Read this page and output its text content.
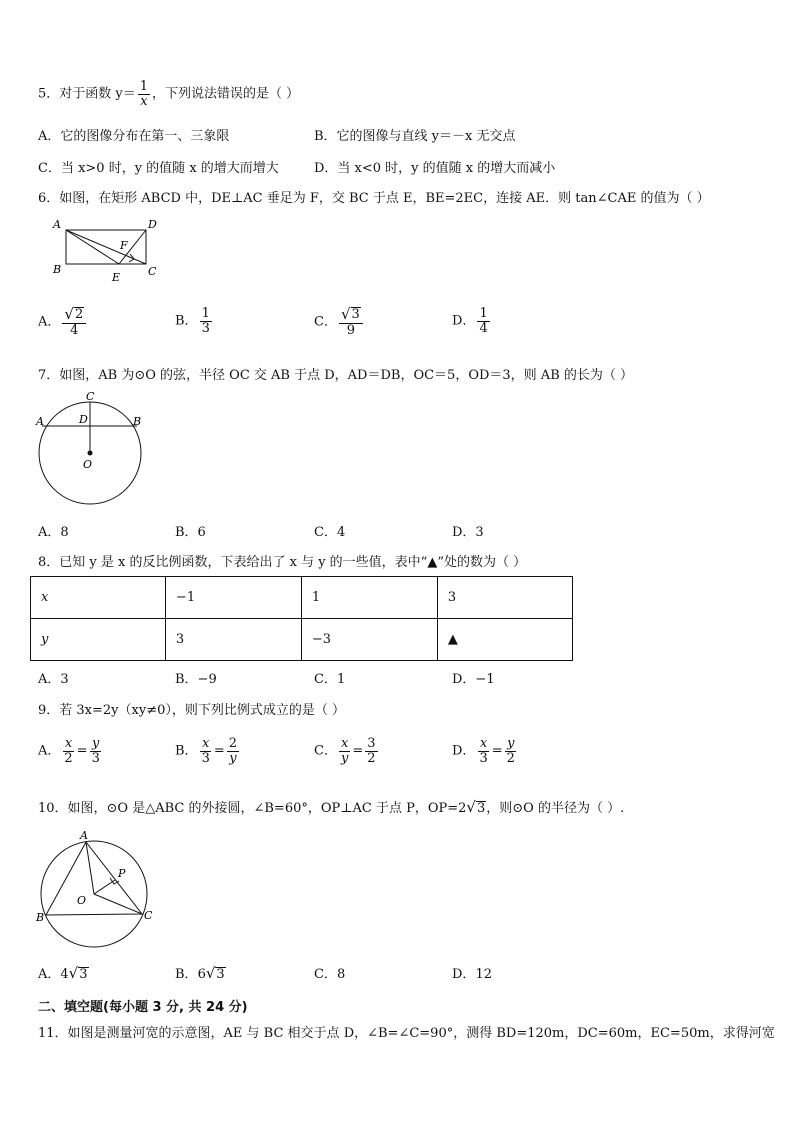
5．对于函数 $y= \frac{1}{x}$ ，下列说法错误的是（ ）
A．它的图像分布在第一、三象限	B．它的图像与直线 y＝－x 无交点
C．当 x>0 时，y 的值随 x 的增大而增大	D．当 x<0 时，y 的值随 x 的增大而减小
6．如图，在矩形 ABCD 中，DE⊥AC 垂足为 F，交 BC 于点 E，BE=2EC，连接 AE．则 tan∠CAE 的值为（ ）
A	D
F
B
E	C
A． $\frac{√ 2}{4}$	B． $\frac{1}{3}$	C． $\frac{√ 3}{9}$	D． $\frac{1}{4}$
7．如图，AB 为⊙O 的弦，半径 OC 交 AB 于点 D，AD＝DB，OC＝5，OD＝3，则 AB 的长为（ ）
C
A	D	B
O
A．8	B．6	C．4	D．3
8．已知 y 是 x 的反比例函数，下表给出了 x 与 y 的一些值，表中“▲”处的数为（ ）
x	−1	1	3
y	3	−3	▲
A．3	B．−9	C．1	D．−1
9．若 3x=2y（xy≠0），则下列比例式成立的是（ ）
A． $\frac{x}{2} = \frac{y}{3}$	B． $\frac{x}{3} = \frac{2}{y}$	C． $\frac{x}{y} = \frac{3}{2}$	D． $\frac{x}{3} = \frac{y}{2}$
10．如图，⊙O 是△ABC 的外接圆，∠B=60°，OP⊥AC 于点 P，OP=2 √ 3 ，则⊙O 的半径为（ ）.
A
P
O
B	C
A．4 √ 3	B．6 √ 3	C．8	D．12
二、填空题(每小题 3 分, 共 24 分)
11．如图是测量河宽的示意图，AE 与 BC 相交于点 D，∠B=∠C=90°，测得 BD=120m，DC=60m，EC=50m，求得河宽
